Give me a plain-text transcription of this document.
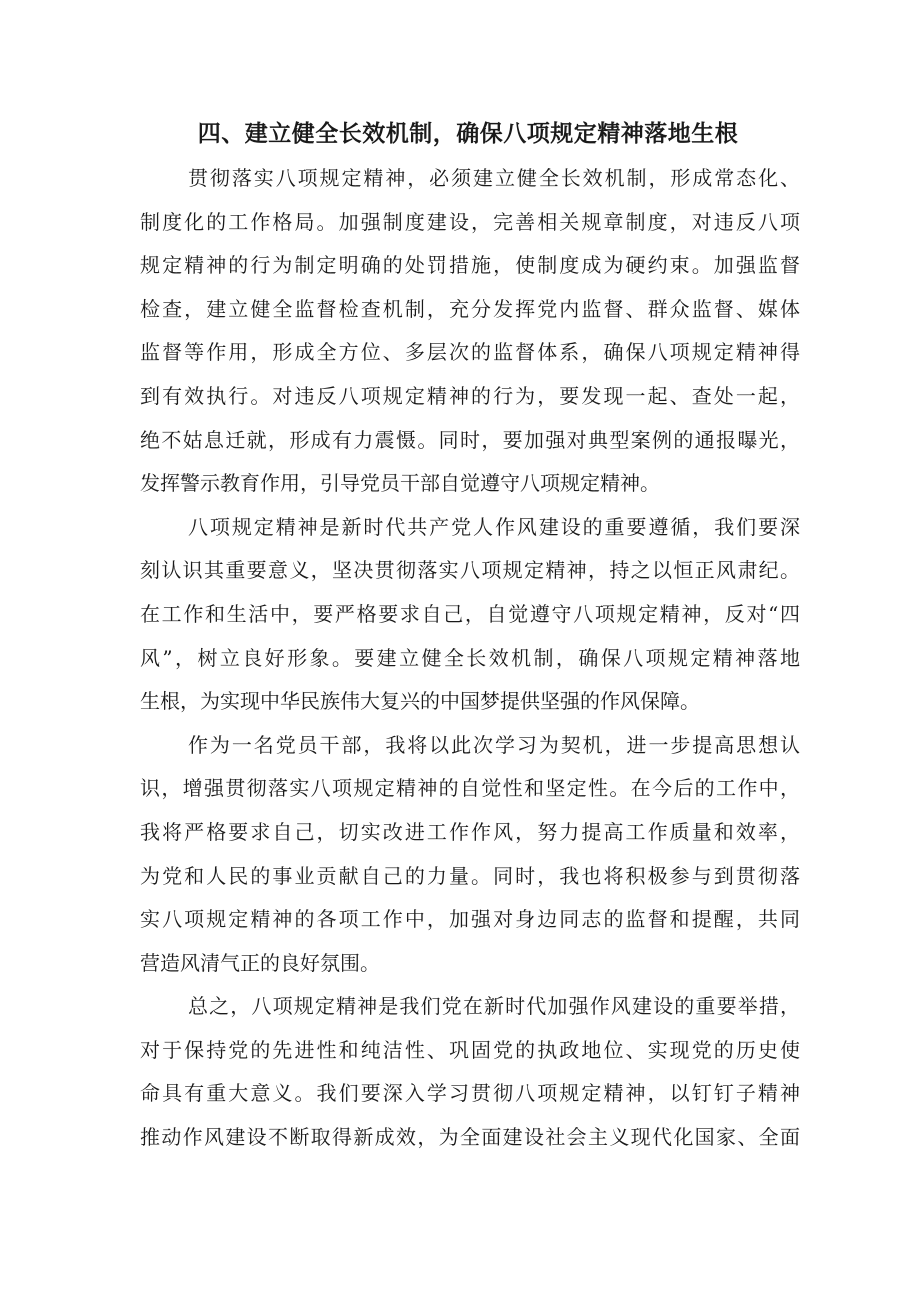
四、建立健全长效机制，确保八项规定精神落地生根

贯彻落实八项规定精神，必须建立健全长效机制，形成常态化、
制度化的工作格局。加强制度建设，完善相关规章制度，对违反八项
规定精神的行为制定明确的处罚措施，使制度成为硬约束。加强监督
检查，建立健全监督检查机制，充分发挥党内监督、群众监督、媒体
监督等作用，形成全方位、多层次的监督体系，确保八项规定精神得
到有效执行。对违反八项规定精神的行为，要发现一起、查处一起，
绝不姑息迁就，形成有力震慑。同时，要加强对典型案例的通报曝光，
发挥警示教育作用，引导党员干部自觉遵守八项规定精神。

八项规定精神是新时代共产党人作风建设的重要遵循，我们要深
刻认识其重要意义，坚决贯彻落实八项规定精神，持之以恒正风肃纪。
在工作和生活中，要严格要求自己，自觉遵守八项规定精神，反对“四
风”，树立良好形象。要建立健全长效机制，确保八项规定精神落地
生根，为实现中华民族伟大复兴的中国梦提供坚强的作风保障。

作为一名党员干部，我将以此次学习为契机，进一步提高思想认
识，增强贯彻落实八项规定精神的自觉性和坚定性。在今后的工作中，
我将严格要求自己，切实改进工作作风，努力提高工作质量和效率，
为党和人民的事业贡献自己的力量。同时，我也将积极参与到贯彻落
实八项规定精神的各项工作中，加强对身边同志的监督和提醒，共同
营造风清气正的良好氛围。

总之，八项规定精神是我们党在新时代加强作风建设的重要举措，
对于保持党的先进性和纯洁性、巩固党的执政地位、实现党的历史使
命具有重大意义。我们要深入学习贯彻八项规定精神，以钉钉子精神
推动作风建设不断取得新成效，为全面建设社会主义现代化国家、全面
